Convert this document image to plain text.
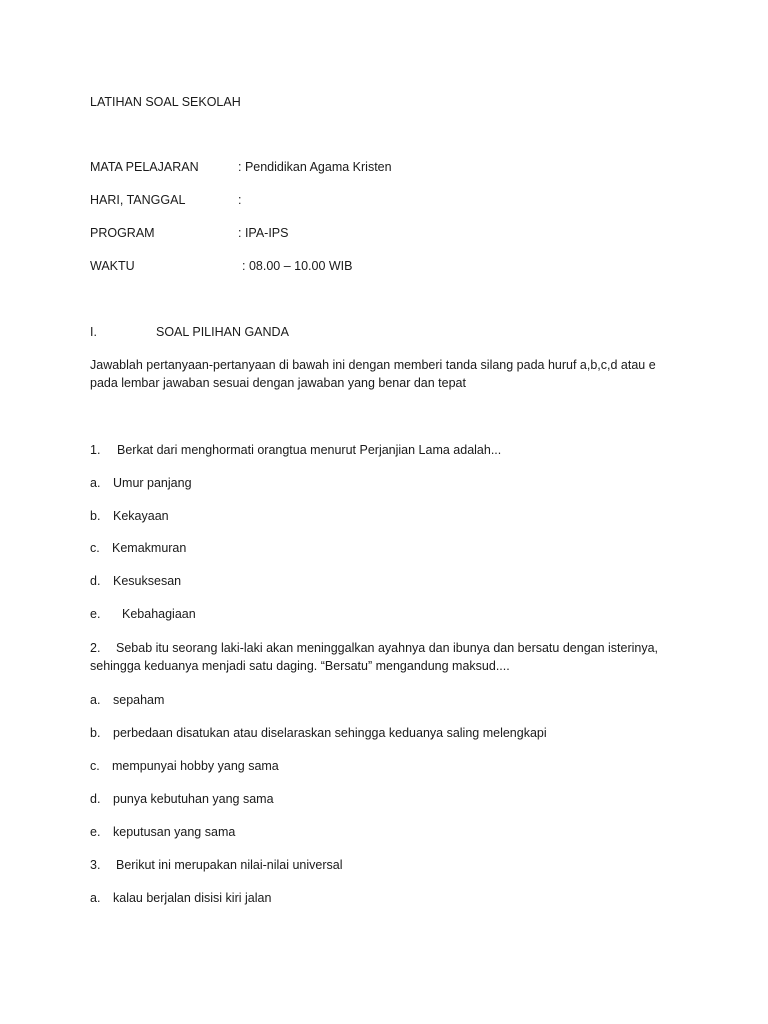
LATIHAN SOAL SEKOLAH
MATA PELAJARAN	: Pendidikan Agama Kristen
HARI, TANGGAL	:
PROGRAM	: IPA-IPS
WAKTU	: 08.00 – 10.00 WIB
I.	SOAL PILIHAN GANDA
Jawablah pertanyaan-pertanyaan di bawah ini dengan memberi tanda silang pada huruf a,b,c,d atau e
pada lembar jawaban sesuai dengan jawaban yang benar dan tepat
1. Berkat dari menghormati orangtua menurut Perjanjian Lama adalah...
a. Umur panjang
b. Kekayaan
c. Kemakmuran
d. Kesuksesan
e. Kebahagiaan
2. Sebab itu seorang laki-laki akan meninggalkan ayahnya dan ibunya dan bersatu dengan isterinya,
sehingga keduanya menjadi satu daging. “Bersatu” mengandung maksud....
a. sepaham
b. perbedaan disatukan atau diselaraskan sehingga keduanya saling melengkapi
c. mempunyai hobby yang sama
d. punya kebutuhan yang sama
e. keputusan yang sama
3. Berikut ini merupakan nilai-nilai universal
a. kalau berjalan disisi kiri jalan
